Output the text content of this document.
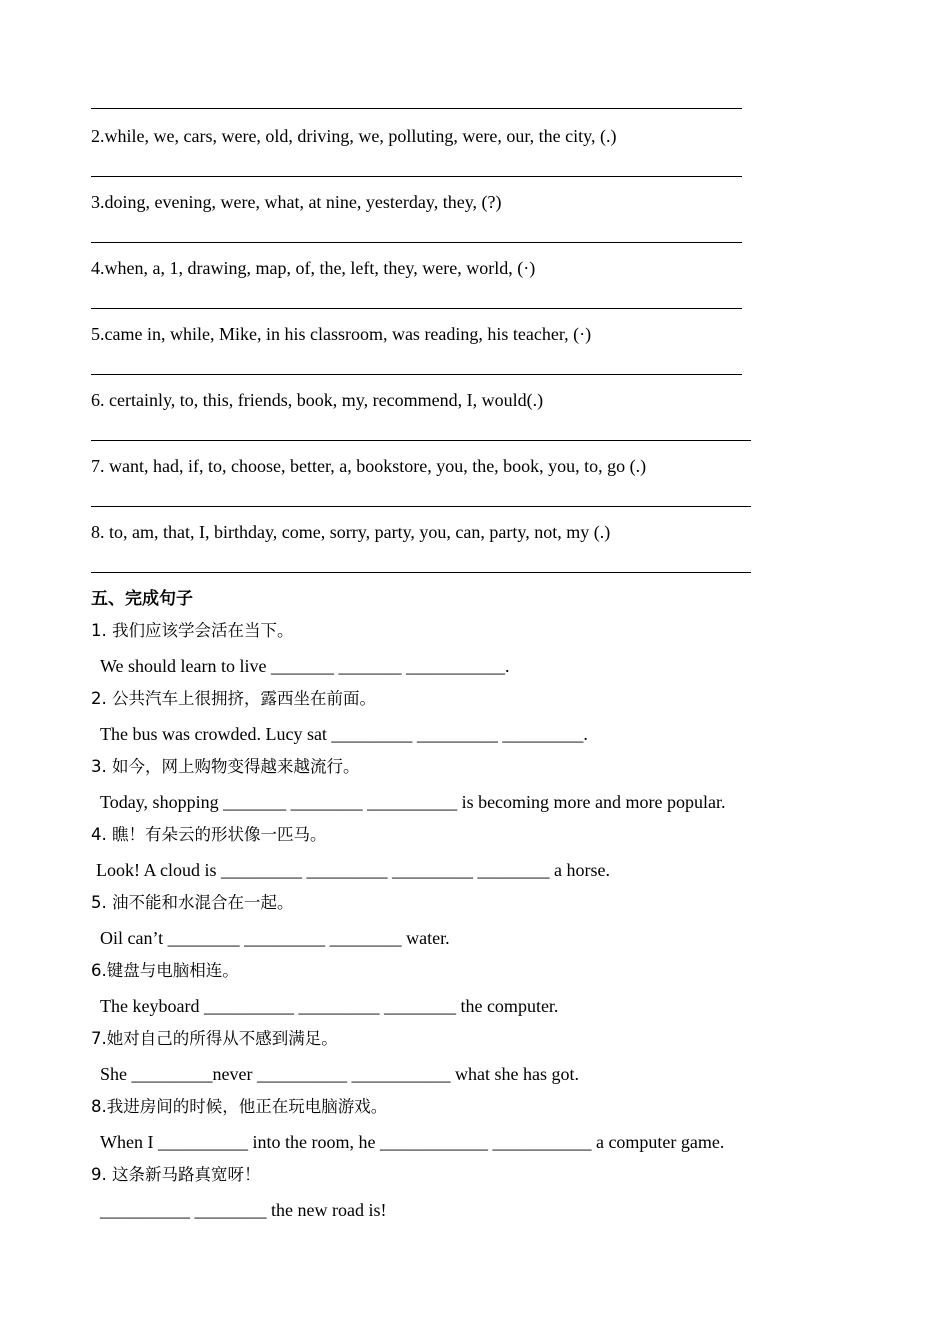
2.while, we, cars, were, old, driving, we, polluting, were, our, the city, (.)
3.doing, evening, were, what, at nine, yesterday, they, (?)
4.when, a, 1, drawing, map, of, the, left, they, were, world, (·)
5.came in, while, Mike, in his classroom, was reading, his teacher, (·)
6. certainly, to, this, friends, book, my, recommend, I, would(.)
7. want, had, if, to, choose, better, a, bookstore, you, the, book, you, to, go (.)
8. to, am, that, I, birthday, come, sorry, party, you, can, party, not, my (.)
五、完成句子
1. 我们应该学会活在当下。
We should learn to live _______ _______ ___________.
2. 公共汽车上很拥挤，露西坐在前面。
The bus was crowded. Lucy sat _________ _________ _________.
3. 如今，网上购物变得越来越流行。
Today, shopping _______ ________ __________ is becoming more and more popular.
4. 瞧！有朵云的形状像一匹马。
Look! A cloud is _________ _________ _________ ________ a horse.
5. 油不能和水混合在一起。
Oil can’t ________ _________ ________ water.
6.键盘与电脑相连。
The keyboard __________ _________ ________ the computer.
7.她对自己的所得从不感到满足。
She _________never __________ ___________ what she has got.
8.我进房间的时候，他正在玩电脑游戏。
When I __________ into the room, he ____________ ___________ a computer game.
9. 这条新马路真宽呀！
__________ ________ the new road is!
